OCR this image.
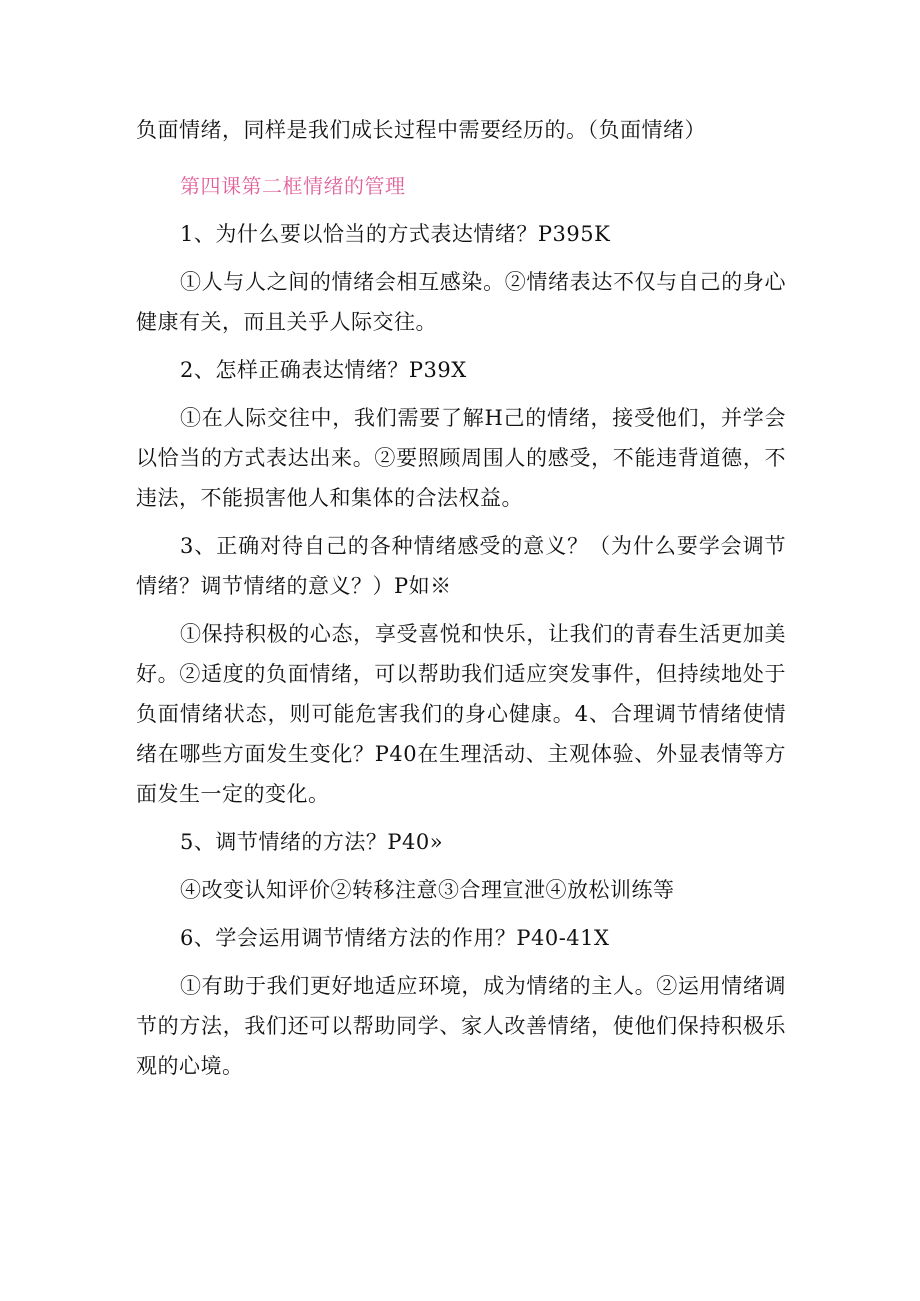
负面情绪，同样是我们成长过程中需要经历的。（负面情绪）

第四课第二框情绪的管理

1、为什么要以恰当的方式表达情绪？P395K

①人与人之间的情绪会相互感染。②情绪表达不仅与自己的身心健康有关，而且关乎人际交往。

2、怎样正确表达情绪？P39X

①在人际交往中，我们需要了解H己的情绪，接受他们，并学会以恰当的方式表达出来。②要照顾周围人的感受，不能违背道德，不违法，不能损害他人和集体的合法权益。

3、正确对待自己的各种情绪感受的意义？（为什么要学会调节情绪？调节情绪的意义？）P如※

①保持积极的心态，享受喜悦和快乐，让我们的青春生活更加美好。②适度的负面情绪，可以帮助我们适应突发事件，但持续地处于负面情绪状态，则可能危害我们的身心健康。4、合理调节情绪使情绪在哪些方面发生变化？P40在生理活动、主观体验、外显表情等方面发生一定的变化。

5、调节情绪的方法？P40»

④改变认知评价②转移注意③合理宣泄④放松训练等

6、学会运用调节情绪方法的作用？P40-41X

①有助于我们更好地适应环境，成为情绪的主人。②运用情绪调节的方法，我们还可以帮助同学、家人改善情绪，使他们保持积极乐观的心境。
